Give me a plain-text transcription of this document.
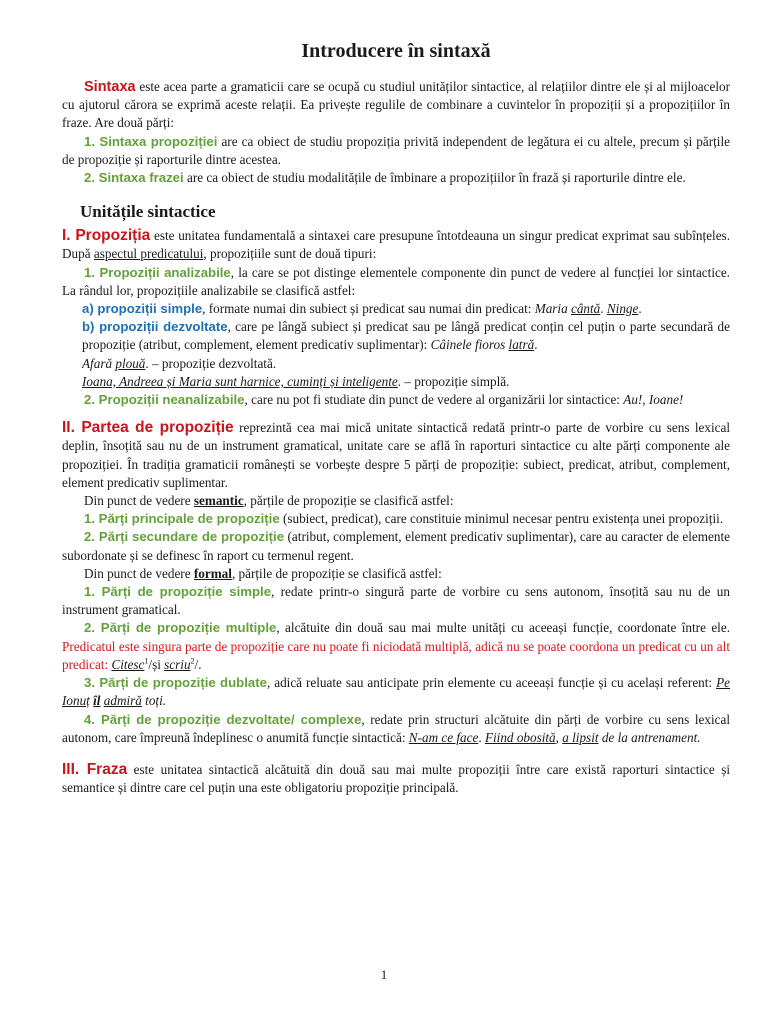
Introducere în sintaxă

Sintaxa este acea parte a gramaticii care se ocupă cu studiul unităților sintactice, al relațiilor dintre ele și al mijloacelor cu ajutorul cărora se exprimă aceste relații. Ea privește regulile de combinare a cuvintelor în propoziții și a propozițiilor în fraze. Are două părți:

1. Sintaxa propoziției are ca obiect de studiu propoziția privită independent de legătura ei cu altele, precum și părțile de propoziție și raporturile dintre acestea.

2. Sintaxa frazei are ca obiect de studiu modalitățile de îmbinare a propozițiilor în frază și raporturile dintre ele.

Unitățile sintactice

I. Propoziția este unitatea fundamentală a sintaxei care presupune întotdeauna un singur predicat exprimat sau subînțeles. După aspectul predicatului, propozițiile sunt de două tipuri:

1. Propoziții analizabile, la care se pot distinge elementele componente din punct de vedere al funcției lor sintactice. La rândul lor, propozițiile analizabile se clasifică astfel:

a) propoziții simple, formate numai din subiect și predicat sau numai din predicat: Maria cântă. Ninge.

b) propoziții dezvoltate, care pe lângă subiect și predicat sau pe lângă predicat conțin cel puțin o parte secundară de propoziție (atribut, complement, element predicativ suplimentar): Câinele fioros latră.

Afară plouă. – propoziție dezvoltată.

Ioana, Andreea și Maria sunt harnice, cuminți și inteligente. – propoziție simplă.

2. Propoziții neanalizabile, care nu pot fi studiate din punct de vedere al organizării lor sintactice: Au!, Ioane!

II. Partea de propoziție reprezintă cea mai mică unitate sintactică redată printr-o parte de vorbire cu sens lexical deplin, însoțită sau nu de un instrument gramatical, unitate care se află în raporturi sintactice cu alte părți componente ale propoziției. În tradiția gramaticii românești se vorbește despre 5 părți de propoziție: subiect, predicat, atribut, complement, element predicativ suplimentar.

Din punct de vedere semantic, părțile de propoziție se clasifică astfel:

1. Părți principale de propoziție (subiect, predicat), care constituie minimul necesar pentru existența unei propoziții.

2. Părți secundare de propoziție (atribut, complement, element predicativ suplimentar), care au caracter de elemente subordonate și se definesc în raport cu termenul regent.

Din punct de vedere formal, părțile de propoziție se clasifică astfel:

1. Părți de propoziție simple, redate printr-o singură parte de vorbire cu sens autonom, însoțită sau nu de un instrument gramatical.

2. Părți de propoziție multiple, alcătuite din două sau mai multe unități cu aceeași funcție, coordonate între ele. Predicatul este singura parte de propoziție care nu poate fi niciodată multiplă, adică nu se poate coordona un predicat cu un alt predicat: Citesc$^1$/și scriu$^2$/.

3. Părți de propoziție dublate, adică reluate sau anticipate prin elemente cu aceeași funcție și cu același referent: Pe Ionuț îl admiră toți.

4. Părți de propoziție dezvoltate/ complexe, redate prin structuri alcătuite din părți de vorbire cu sens lexical autonom, care împreună îndeplinesc o anumită funcție sintactică: N-am ce face. Fiind obosită, a lipsit de la antrenament.

III. Fraza este unitatea sintactică alcătuită din două sau mai multe propoziții între care există raporturi sintactice și semantice și dintre care cel puțin una este obligatoriu propoziție principală.

1
